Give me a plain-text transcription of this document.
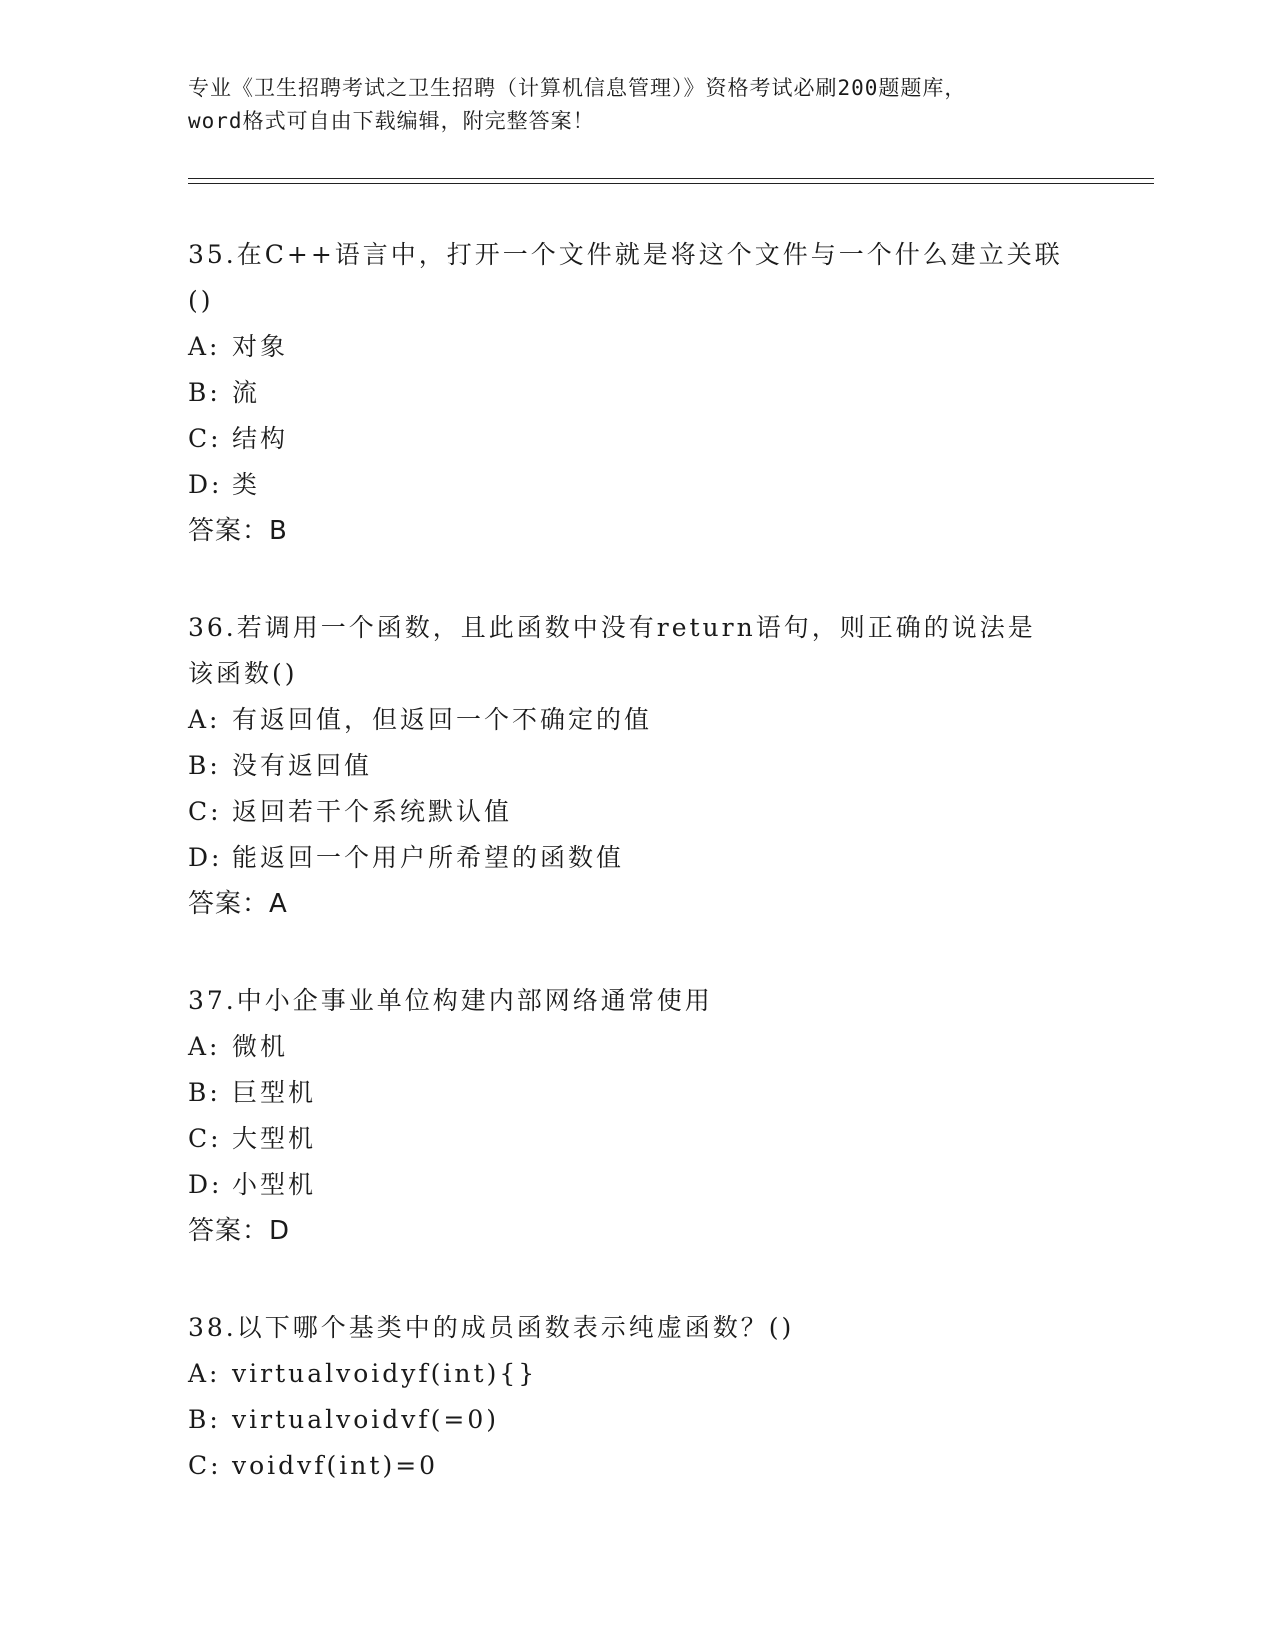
专业《卫生招聘考试之卫生招聘（计算机信息管理）》资格考试必刷200题题库，
word格式可自由下载编辑，附完整答案！
35.在C++语言中，打开一个文件就是将这个文件与一个什么建立关联
()
A: 对象
B: 流
C: 结构
D: 类
答案：B
36.若调用一个函数，且此函数中没有return语句，则正确的说法是
该函数()
A: 有返回值，但返回一个不确定的值
B: 没有返回值
C: 返回若干个系统默认值
D: 能返回一个用户所希望的函数值
答案：A
37.中小企事业单位构建内部网络通常使用
A: 微机
B: 巨型机
C: 大型机
D: 小型机
答案：D
38.以下哪个基类中的成员函数表示纯虚函数？()
A: virtualvoidyf(int){}
B: virtualvoidvf(=0)
C: voidvf(int)=0
